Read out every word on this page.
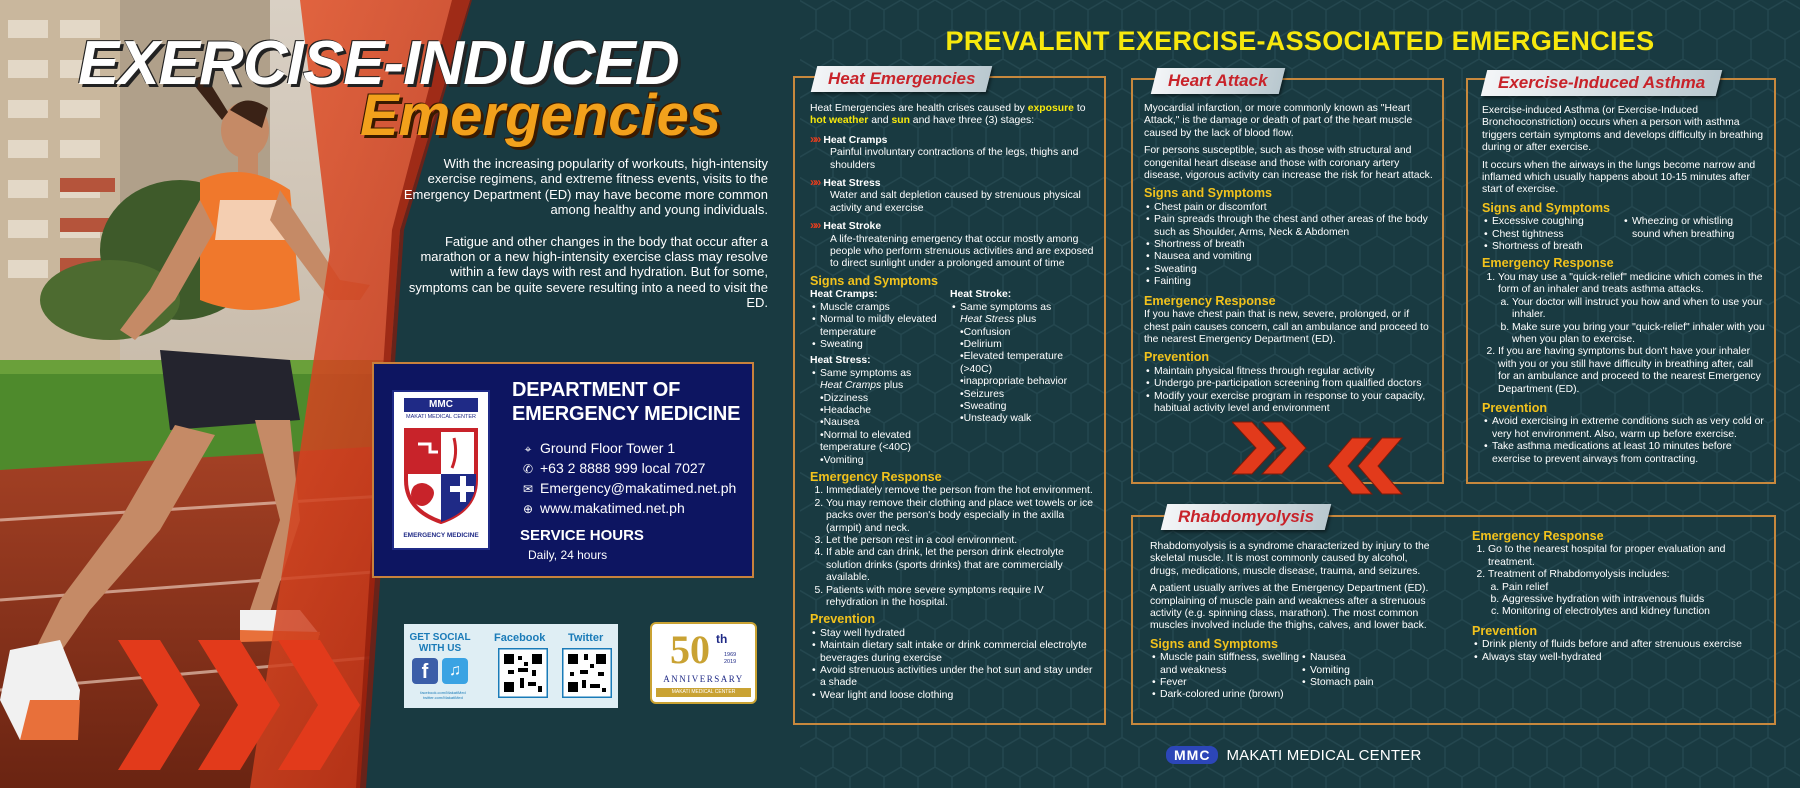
EXERCISE-INDUCED
Emergencies

With the increasing popularity of workouts, high-intensity exercise regimens, and extreme fitness events, visits to the Emergency Department (ED) may have become more common among healthy and young individuals.

Fatigue and other changes in the body that occur after a marathon or a new high-intensity exercise class may resolve within a few days with rest and hydration. But for some, symptoms can be quite severe resulting into a need to visit the ED.

MMC
MAKATI MEDICAL CENTER
EMERGENCY MEDICINE
DEPARTMENT OF
EMERGENCY MEDICINE
⌖ Ground Floor Tower 1
✆ +63 2 8888 999 local 7027
✉ Emergency@makatimed.net.ph
⊕ www.makatimed.net.ph
SERVICE HOURS
Daily, 24 hours
GET SOCIAL WITH US
f	♫
facebook.com/MakatiMed
twitter.com/MakatiMed
Facebook Twitter 50 th
1969 2019
ANNIVERSARY
MAKATI MEDICAL CENTER
PREVALENT EXERCISE-ASSOCIATED EMERGENCIES
Heat Emergencies

Heat Emergencies are health crises caused by exposure to hot weather and sun and have three (3) stages:

»» Heat Cramps
Painful involuntary contractions of the legs, thighs and shoulders
»» Heat Stress
Water and salt depletion caused by strenuous physical activity and exercise
»» Heat Stroke
A life-threatening emergency that occur mostly among people who perform strenuous activities and are exposed to direct sunlight under a prolonged amount of time
Signs and Symptoms
Heat Cramps:
• Muscle cramps
• Normal to mildly elevated temperature
• Sweating
Heat Stress:
• Same symptoms as
Heat Cramps plus
•Dizziness
•Headache
•Nausea
•Normal to elevated temperature (<40C)
•Vomiting
Heat Stroke:
• Same symptoms as
Heat Stress plus
•Confusion
•Delirium
•Elevated temperature (>40C)
•inappropriate behavior
•Seizures
•Sweating
•Unsteady walk
Emergency Response
1. Immediately remove the person from the hot environment.
2. You may remove their clothing and place wet towels or ice packs over the person's body especially in the axilla (armpit) and neck.
3. Let the person rest in a cool environment.
4. If able and can drink, let the person drink electrolyte solution drinks (sports drinks) that are commercially available.
5. Patients with more severe symptoms require IV rehydration in the hospital.
Prevention
• Stay well hydrated
• Maintain dietary salt intake or drink commercial electrolyte beverages during exercise
• Avoid strenuous activities under the hot sun and stay under a shade
• Wear light and loose clothing
Heart Attack

Myocardial infarction, or more commonly known as "Heart Attack," is the damage or death of part of the heart muscle caused by the lack of blood flow.

For persons susceptible, such as those with structural and congenital heart disease and those with coronary artery disease, vigorous activity can increase the risk for heart attack.

Signs and Symptoms
• Chest pain or discomfort
• Pain spreads through the chest and other areas of the body such as Shoulder, Arms, Neck & Abdomen
• Shortness of breath
• Nausea and vomiting
• Sweating
• Fainting
Emergency Response

If you have chest pain that is new, severe, prolonged, or if chest pain causes concern, call an ambulance and proceed to the nearest Emergency Department (ED).

Prevention
• Maintain physical fitness through regular activity
• Undergo pre-participation screening from qualified doctors
• Modify your exercise program in response to your capacity, habitual activity level and environment
Exercise-Induced Asthma

Exercise-induced Asthma (or Exercise-Induced Bronchoconstriction) occurs when a person with asthma triggers certain symptoms and develops difficulty in breathing during or after exercise.

It occurs when the airways in the lungs become narrow and inflamed which usually happens about 10-15 minutes after start of exercise.

Signs and Symptoms
• Excessive coughing
• Chest tightness
• Shortness of breath
• Wheezing or whistling sound when breathing
Emergency Response
1. You may use a "quick-relief" medicine which comes in the form of an inhaler and treats asthma attacks.
a. Your doctor will instruct you how and when to use your inhaler.
b. Make sure you bring your "quick-relief" inhaler with you when you plan to exercise.
2. If you are having symptoms but don't have your inhaler with you or you still have difficulty in breathing after, call for an ambulance and proceed to the nearest Emergency Department (ED).
Prevention
• Avoid exercising in extreme conditions such as very cold or very hot environment. Also, warm up before exercise.
• Take asthma medications at least 10 minutes before exercise to prevent airways from contracting.
Rhabdomyolysis

Rhabdomyolysis is a syndrome characterized by injury to the skeletal muscle. It is most commonly caused by alcohol, drugs, medications, muscle disease, trauma, and seizures.

A patient usually arrives at the Emergency Department (ED). complaining of muscle pain and weakness after a strenuous activity (e.g. spinning class, marathon). The most common muscles involved include the thighs, calves, and lower back.

Signs and Symptoms
• Muscle pain stiffness, swelling and weakness
• Fever
• Dark-colored urine (brown)
• Nausea
• Vomiting
• Stomach pain
Emergency Response
1. Go to the nearest hospital for proper evaluation and treatment.
2. Treatment of Rhabdomyolysis includes:
a. Pain relief
b. Aggressive hydration with intravenous fluids
c. Monitoring of electrolytes and kidney function
Prevention
• Drink plenty of fluids before and after strenuous exercise
• Always stay well-hydrated
MMC	MAKATI MEDICAL CENTER
